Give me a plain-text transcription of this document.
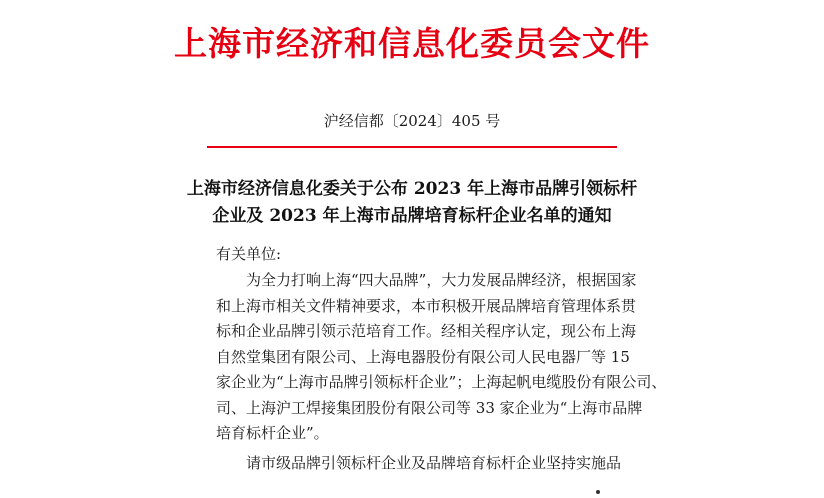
上海市经济和信息化委员会文件
沪经信都〔2024〕405 号
上海市经济信息化委关于公布 2023 年上海市品牌引领标杆
企业及 2023 年上海市品牌培育标杆企业名单的通知
有关单位:
为全力打响上海“四大品牌”，大力发展品牌经济，根据国家
和上海市相关文件精神要求，本市积极开展品牌培育管理体系贯
标和企业品牌引领示范培育工作。经相关程序认定，现公布上海
自然堂集团有限公司、上海电器股份有限公司人民电器厂等 15
家企业为“上海市品牌引领标杆企业”；上海起帆电缆股份有限公司、
司、上海沪工焊接集团股份有限公司等 33 家企业为“上海市品牌
培育标杆企业”。
请市级品牌引领标杆企业及品牌培育标杆企业坚持实施品
